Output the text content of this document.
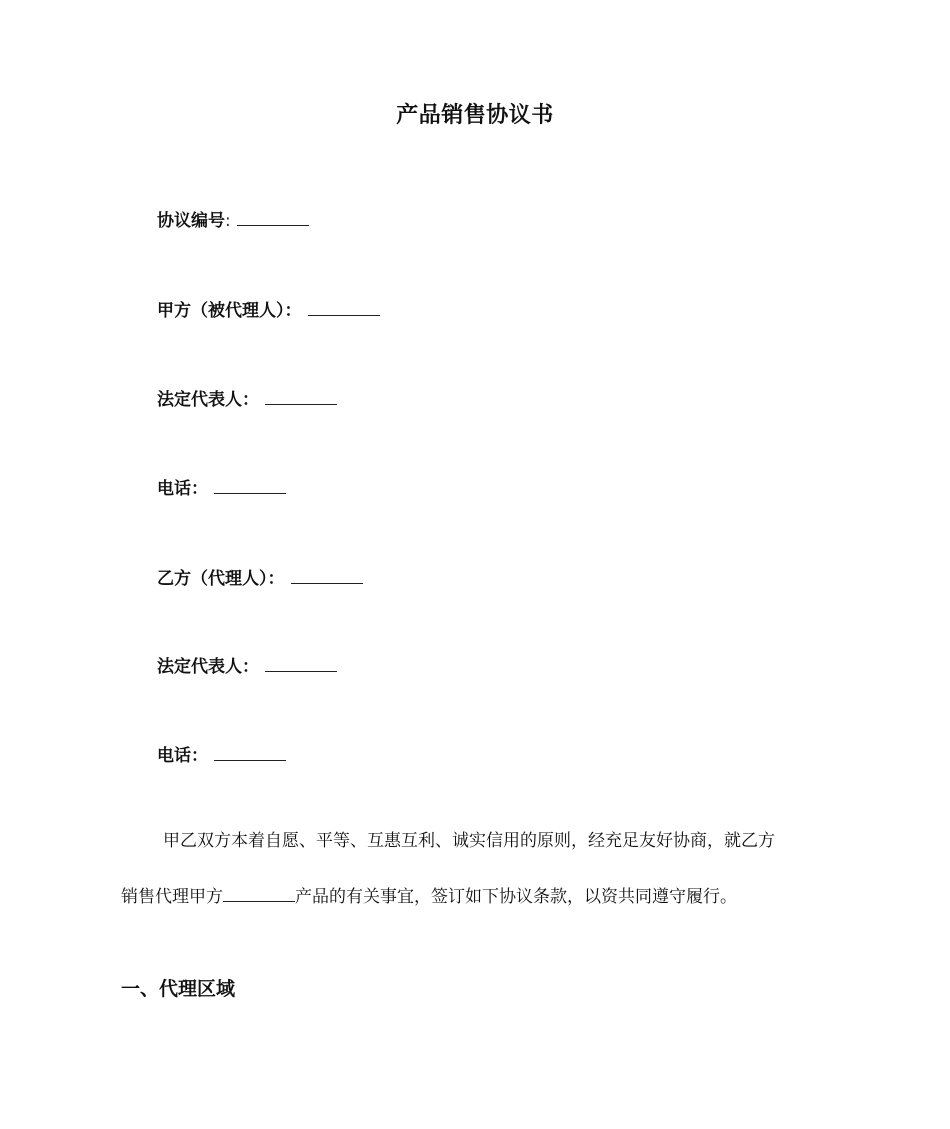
产品销售协议书
协议编号:
甲方（被代理人）：
法定代表人：
电话：
乙方（代理人）：
法定代表人：
电话：
甲乙双方本着自愿、平等、互惠互利、诚实信用的原则，经充足友好协商，就乙方
销售代理甲方	产品的有关事宜，签订如下协议条款，以资共同遵守履行。
一、代理区域
